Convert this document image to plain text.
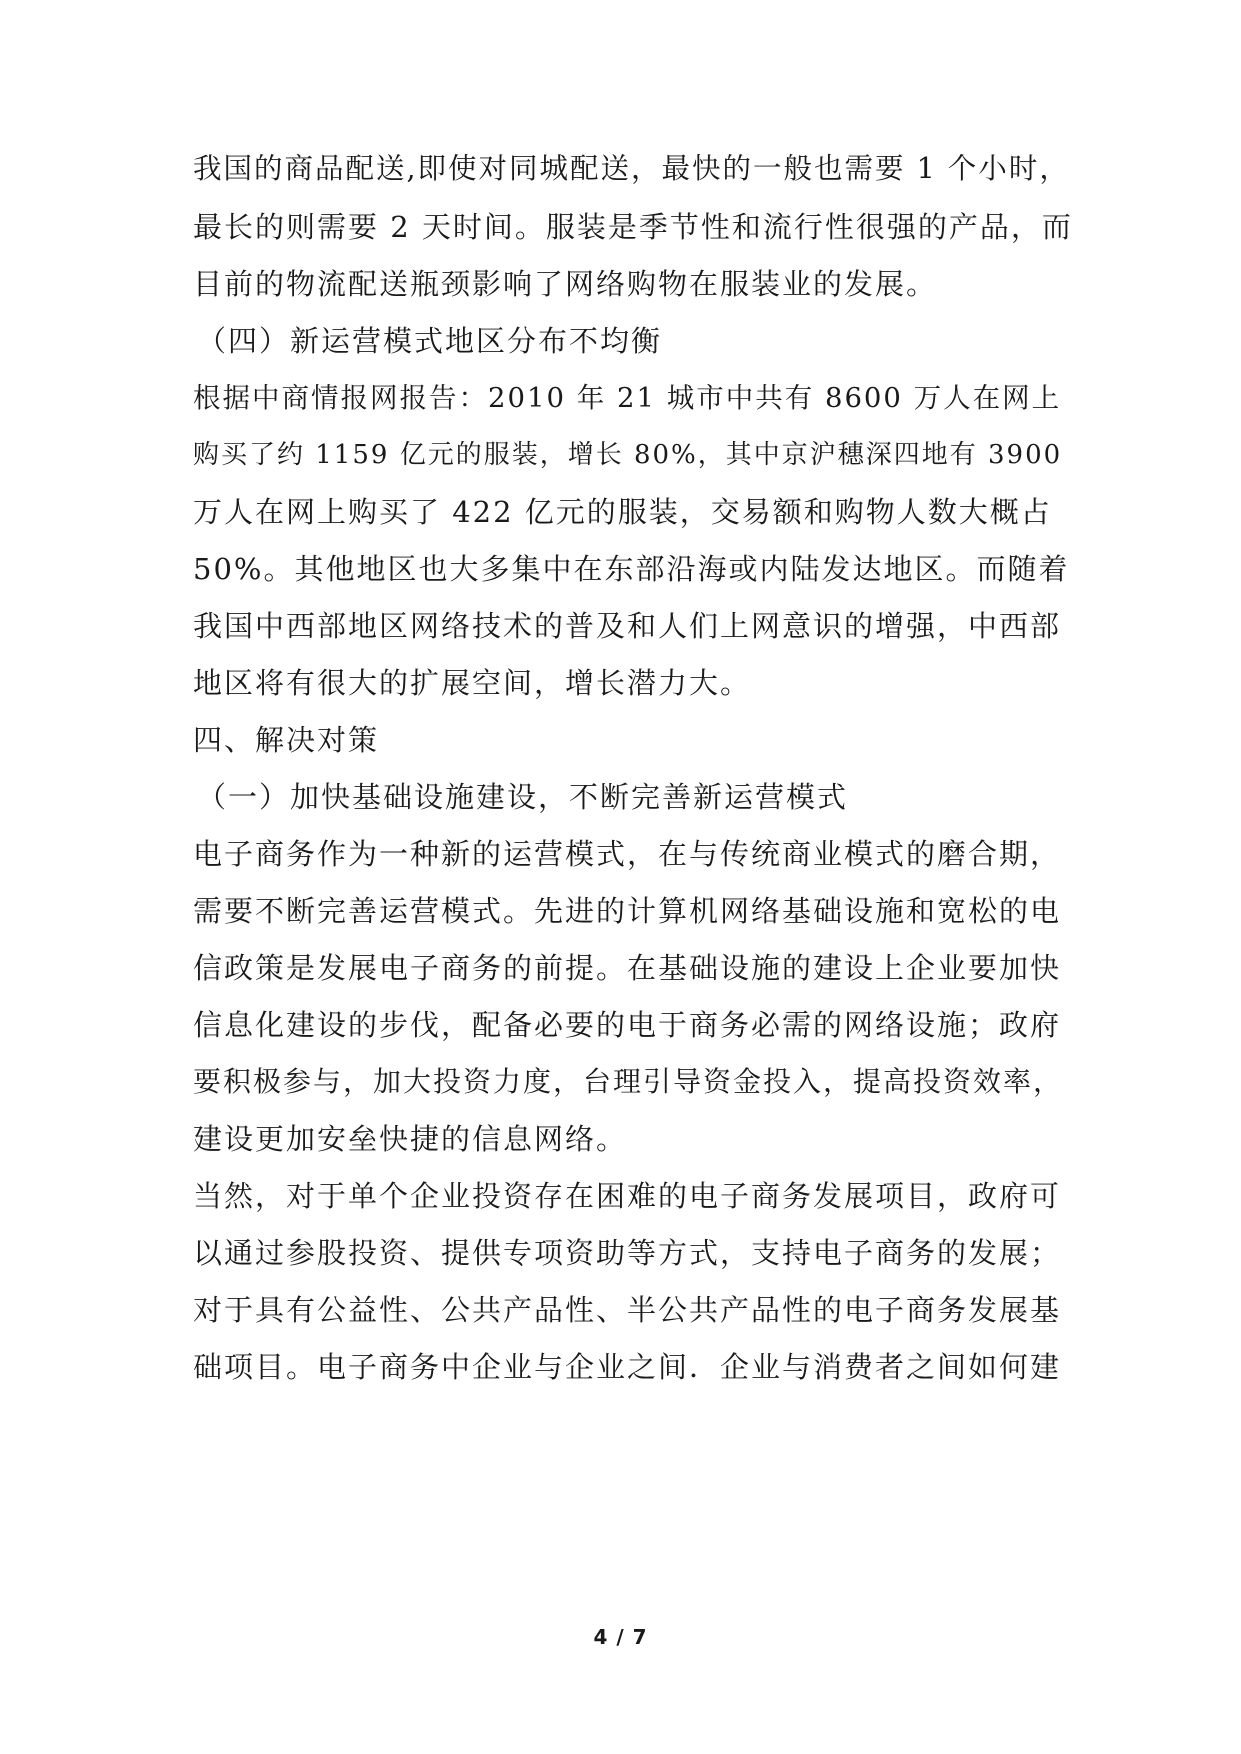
我国的商品配送,即使对同城配送，最快的一般也需要 1 个小时，
最长的则需要 2 天时间。服装是季节性和流行性很强的产品，而
目前的物流配送瓶颈影响了网络购物在服装业的发展。
（四）新运营模式地区分布不均衡
根据中商情报网报告：2010 年 21 城市中共有 8600 万人在网上
购买了约 1159 亿元的服装，增长 80%，其中京沪穗深四地有 3900
万人在网上购买了 422 亿元的服装，交易额和购物人数大概占
50%。其他地区也大多集中在东部沿海或内陆发达地区。而随着
我国中西部地区网络技术的普及和人们上网意识的增强，中西部
地区将有很大的扩展空间，增长潜力大。
四、解决对策
（一）加快基础设施建设，不断完善新运营模式
电子商务作为一种新的运营模式，在与传统商业模式的磨合期，
需要不断完善运营模式。先进的计算机网络基础设施和宽松的电
信政策是发展电子商务的前提。在基础设施的建设上企业要加快
信息化建设的步伐，配备必要的电于商务必需的网络设施；政府
要积极参与，加大投资力度，台理引导资金投入，提高投资效率，
建设更加安垒快捷的信息网络。
当然，对于单个企业投资存在困难的电子商务发展项目，政府可
以通过参股投资、提供专项资助等方式，支持电子商务的发展；
对于具有公益性、公共产品性、半公共产品性的电子商务发展基
础项目。电子商务中企业与企业之间．企业与消费者之间如何建
4 / 7
